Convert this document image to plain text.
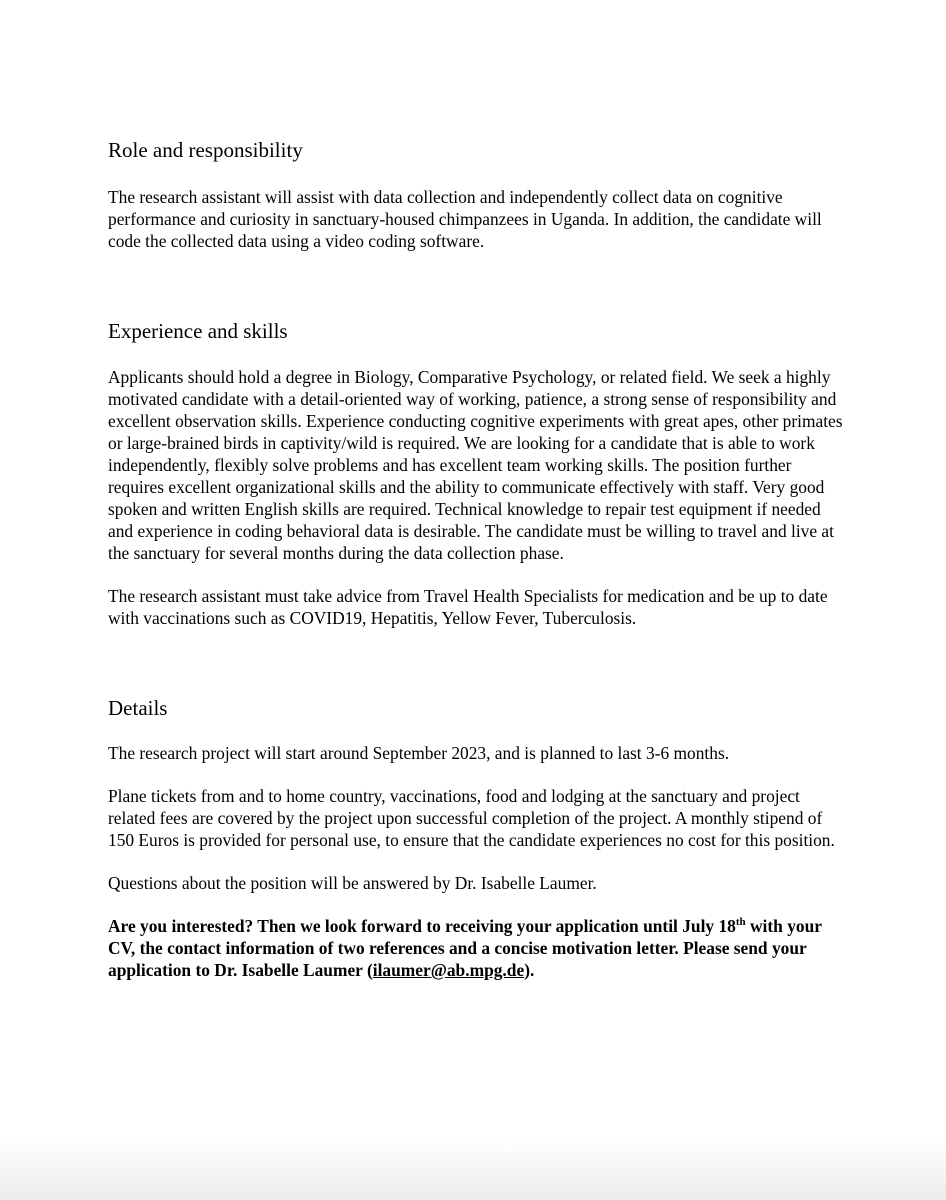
Role and responsibility

The research assistant will assist with data collection and independently collect data on cognitive performance and curiosity in sanctuary-housed chimpanzees in Uganda. In addition, the candidate will code the collected data using a video coding software.

Experience and skills

Applicants should hold a degree in Biology, Comparative Psychology, or related field. We seek a highly motivated candidate with a detail-oriented way of working, patience, a strong sense of responsibility and excellent observation skills. Experience conducting cognitive experiments with great apes, other primates or large-brained birds in captivity/wild is required. We are looking for a candidate that is able to work independently, flexibly solve problems and has excellent team working skills. The position further requires excellent organizational skills and the ability to communicate effectively with staff. Very good spoken and written English skills are required. Technical knowledge to repair test equipment if needed and experience in coding behavioral data is desirable. The candidate must be willing to travel and live at the sanctuary for several months during the data collection phase.

The research assistant must take advice from Travel Health Specialists for medication and be up to date with vaccinations such as COVID19, Hepatitis, Yellow Fever, Tuberculosis.

Details

The research project will start around September 2023, and is planned to last 3-6 months.

Plane tickets from and to home country, vaccinations, food and lodging at the sanctuary and project related fees are covered by the project upon successful completion of the project. A monthly stipend of 150 Euros is provided for personal use, to ensure that the candidate experiences no cost for this position.

Questions about the position will be answered by Dr. Isabelle Laumer.

Are you interested? Then we look forward to receiving your application until July 18th with your CV, the contact information of two references and a concise motivation letter. Please send your application to Dr. Isabelle Laumer (ilaumer@ab.mpg.de).
